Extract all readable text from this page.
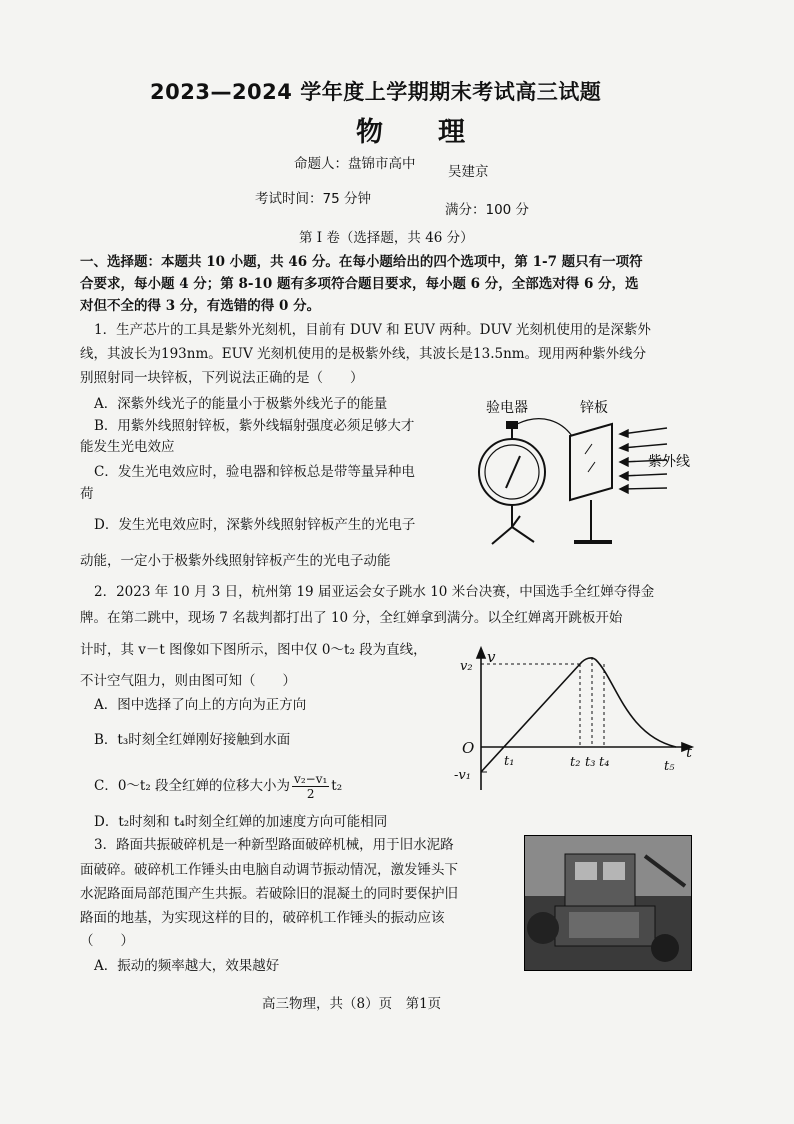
2023—2024 学年度上学期期末考试高三试题
物　理
命题人：盘锦市高中 吴建京
考试时间：75 分钟
满分：100 分
第 I 卷（选择题，共 46 分）
一、选择题：本题共 10 小题，共 46 分。在每小题给出的四个选项中，第 1-7 题只有一项符
合要求，每小题 4 分；第 8-10 题有多项符合题目要求，每小题 6 分，全部选对得 6 分，选
对但不全的得 3 分，有选错的得 0 分。
1．生产芯片的工具是紫外光刻机，目前有 DUV 和 EUV 两种。DUV 光刻机使用的是深紫外
线，其波长为193nm。EUV 光刻机使用的是极紫外线，其波长是13.5nm。现用两种紫外线分
别照射同一块锌板，下列说法正确的是（　　）
A．深紫外线光子的能量小于极紫外线光子的能量
B．用紫外线照射锌板，紫外线辐射强度必须足够大才
能发生光电效应
C．发生光电效应时，验电器和锌板总是带等量异种电
荷
D．发生光电效应时，深紫外线照射锌板产生的光电子
动能，一定小于极紫外线照射锌板产生的光电子动能
验电器	锌板
紫外线
2．2023 年 10 月 3 日，杭州第 19 届亚运会女子跳水 10 米台决赛，中国选手全红婵夺得金
牌。在第二跳中，现场 7 名裁判都打出了 10 分，全红婵拿到满分。以全红婵离开跳板开始
计时，其 v－t 图像如下图所示，图中仅 0～t₂ 段为直线，
不计空气阻力，则由图可知（　　）
A．图中选择了向上的方向为正方向
B．t₃时刻全红婵刚好接触到水面
C．0～t₂ 段全红婵的位移大小为 $\frac{\text{v₂−v₁}}{2} t_2$
D．t₂时刻和 t₄时刻全红婵的加速度方向可能相同
v
v₂
O
-v₁
t
t₁	t₂ t₃ t₄	t₅
3．路面共振破碎机是一种新型路面破碎机械，用于旧水泥路
面破碎。破碎机工作锤头由电脑自动调节振动情况，激发锤头下
水泥路面局部范围产生共振。若破除旧的混凝土的同时要保护旧
路面的地基，为实现这样的目的，破碎机工作锤头的振动应该
（　　）
A．振动的频率越大，效果越好
高三物理，共（8）页　第1页
